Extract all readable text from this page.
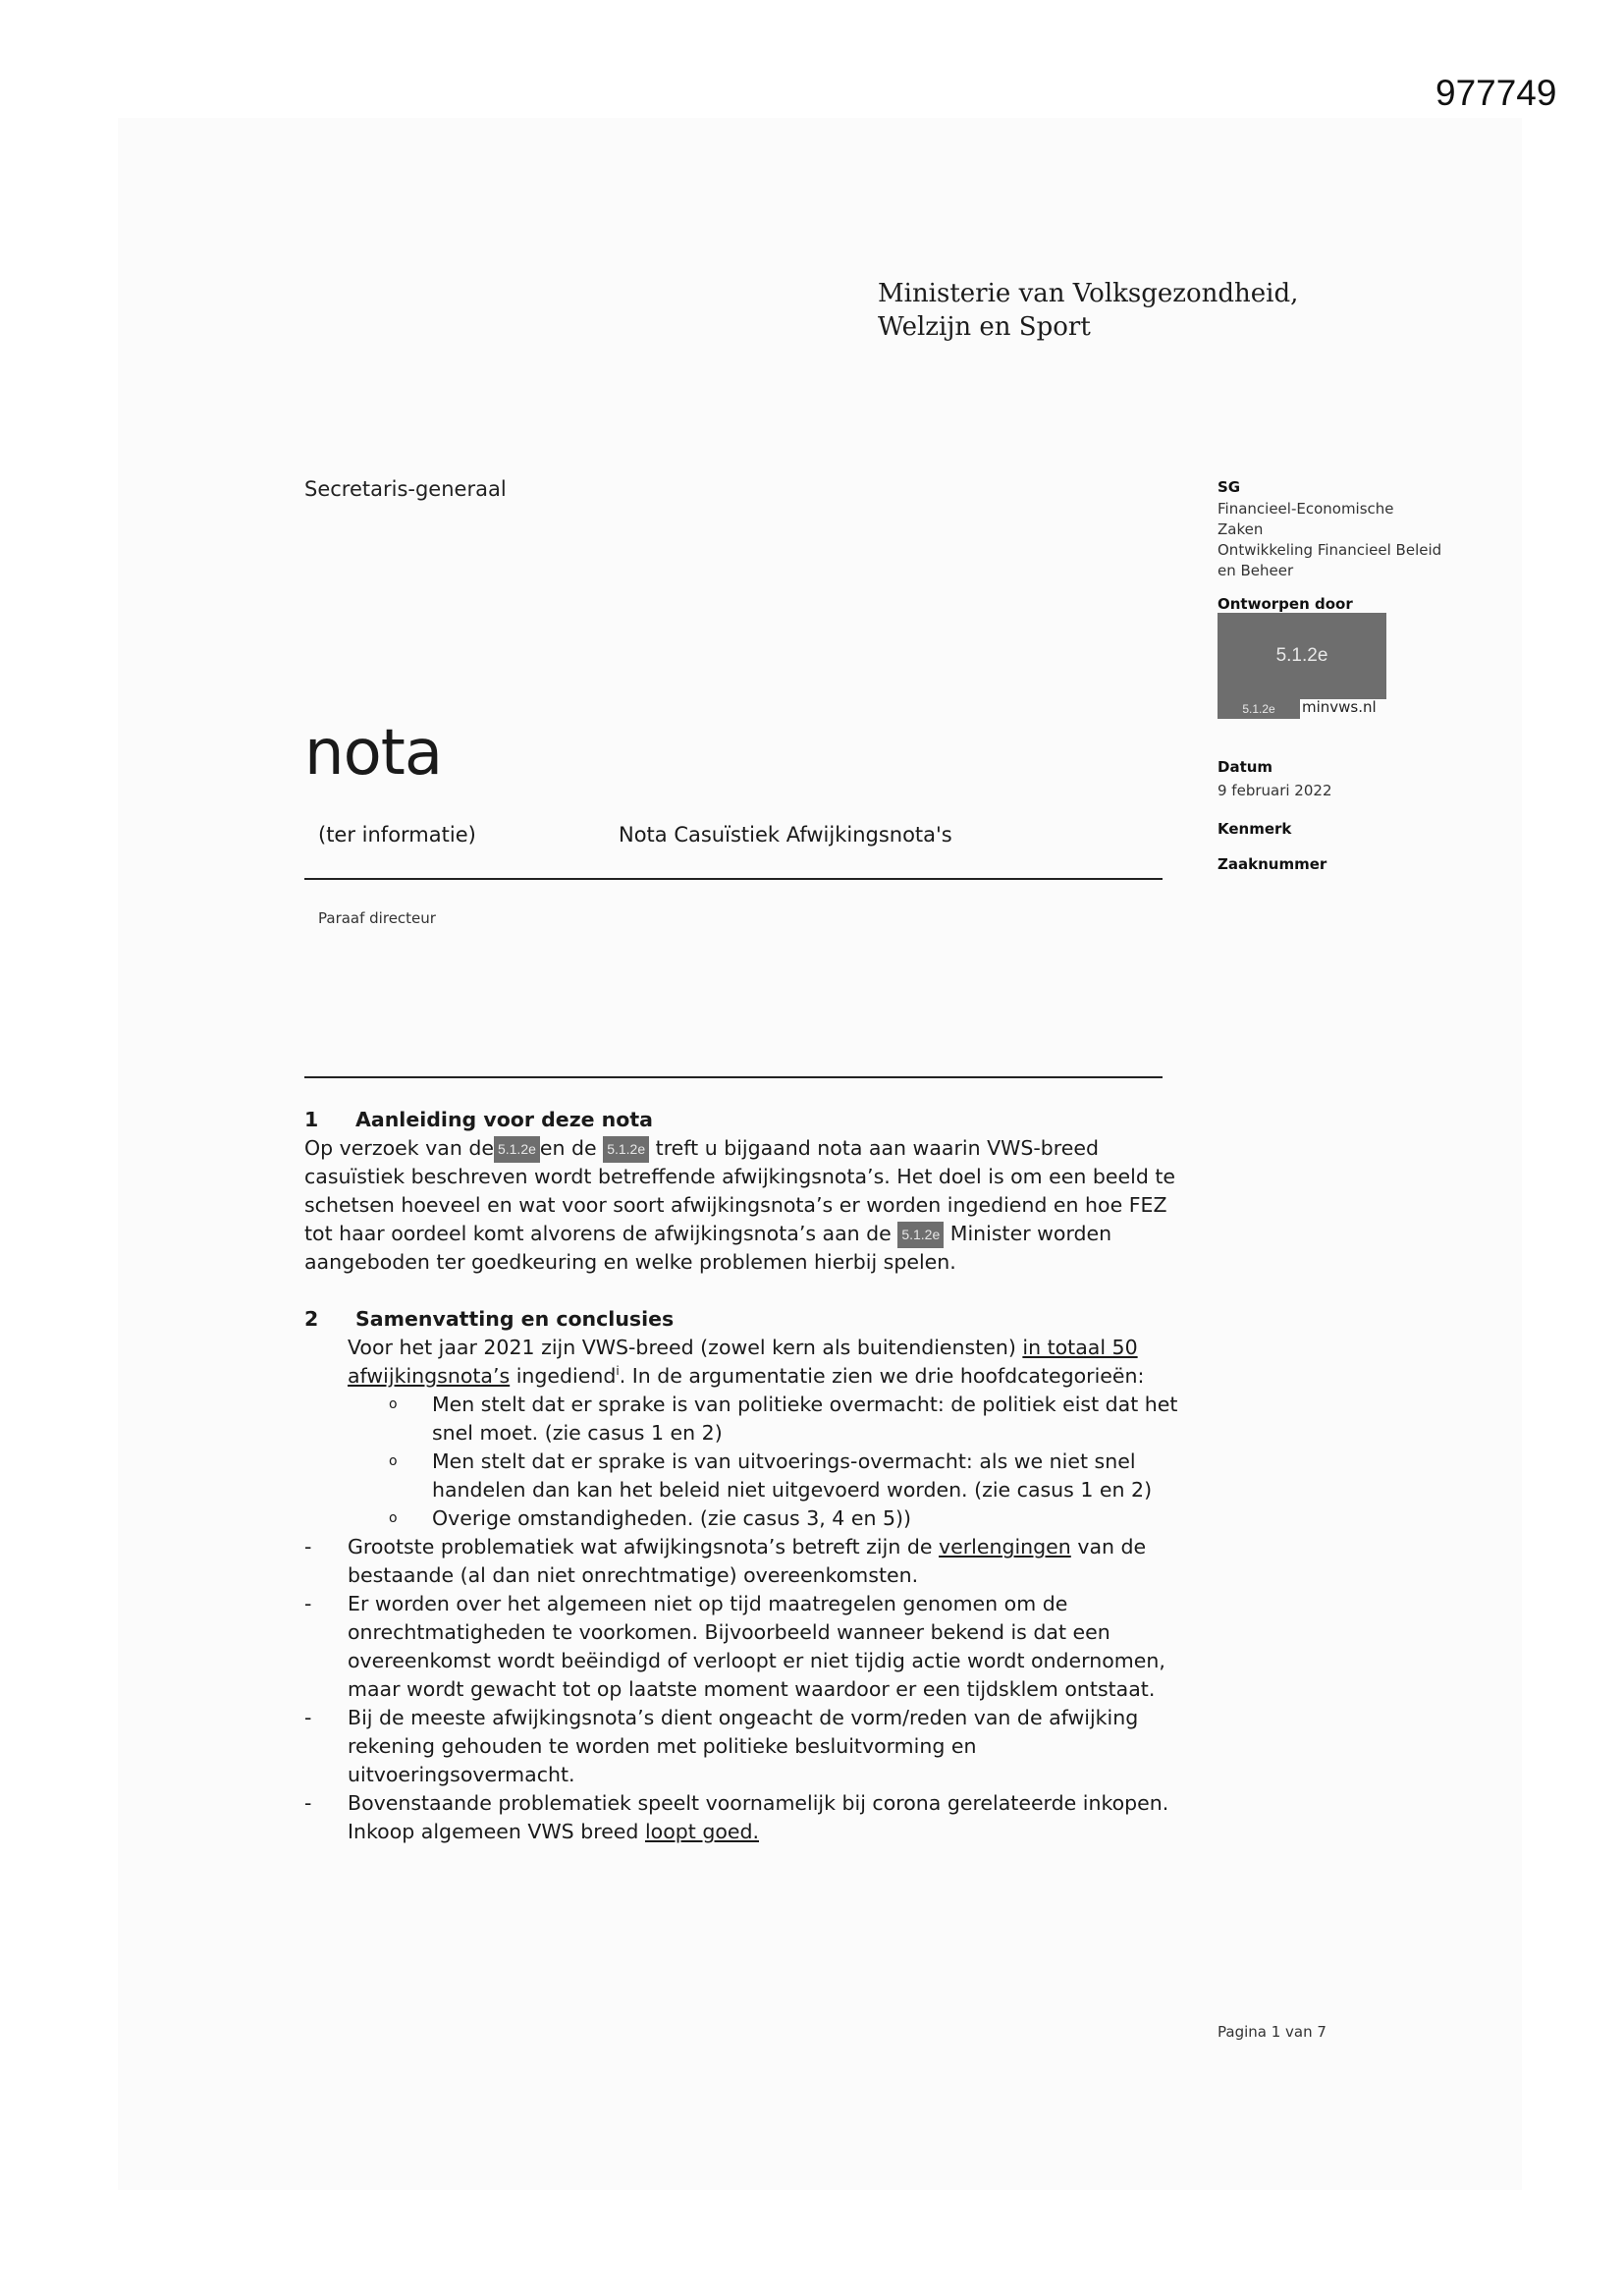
977749
Ministerie van Volksgezondheid,
Welzijn en Sport
Secretaris-generaal	SG
Financieel-Economische
Zaken
Ontwikkeling Financieel Beleid
en Beheer
Ontworpen door
5.1.2e
5.1.2e	minvws.nl
Datum
9 februari 2022
Kenmerk
Zaaknummer
nota
(ter informatie)	Nota Casuïstiek Afwijkingsnota's
Paraaf directeur
1 Aanleiding voor deze nota
Op verzoek van de 5.1.2e en de 5.1.2e treft u bijgaand nota aan waarin VWS-breed casuïstiek beschreven wordt betreffende afwijkingsnota’s. Het doel is om een beeld te schetsen hoeveel en wat voor soort afwijkingsnota’s er worden ingediend en hoe FEZ tot haar oordeel komt alvorens de afwijkingsnota’s aan de 5.1.2e Minister worden aangeboden ter goedkeuring en welke problemen hierbij spelen.
2 Samenvatting en conclusies
Voor het jaar 2021 zijn VWS-breed (zowel kern als buitendiensten) in totaal 50 afwijkingsnota’s ingediend$^i$. In de argumentatie zien we drie hoofdcategorieën:
o Men stelt dat er sprake is van politieke overmacht: de politiek eist dat het snel moet. (zie casus 1 en 2)
o Men stelt dat er sprake is van uitvoerings-overmacht: als we niet snel handelen dan kan het beleid niet uitgevoerd worden. (zie casus 1 en 2)
o Overige omstandigheden. (zie casus 3, 4 en 5))
- Grootste problematiek wat afwijkingsnota’s betreft zijn de verlengingen van de bestaande (al dan niet onrechtmatige) overeenkomsten.
- Er worden over het algemeen niet op tijd maatregelen genomen om de onrechtmatigheden te voorkomen. Bijvoorbeeld wanneer bekend is dat een overeenkomst wordt beëindigd of verloopt er niet tijdig actie wordt ondernomen, maar wordt gewacht tot op laatste moment waardoor er een tijdsklem ontstaat.
- Bij de meeste afwijkingsnota’s dient ongeacht de vorm/reden van de afwijking rekening gehouden te worden met politieke besluitvorming en uitvoeringsovermacht.
- Bovenstaande problematiek speelt voornamelijk bij corona gerelateerde inkopen. Inkoop algemeen VWS breed loopt goed.
Pagina 1 van 7
